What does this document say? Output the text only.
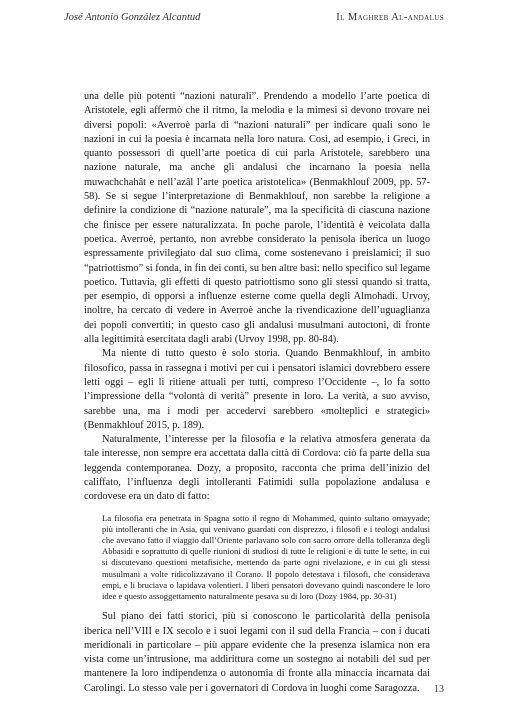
José Antonio González Alcantud	Il Maghreb Al-andalus

una delle più potenti “nazioni naturali”. Prendendo a modello l’arte poetica di Aristotele, egli affermò che il ritmo, la melodia e la mimesi si devono trovare nei diversi popoli: «Averroè parla di “nazioni naturali” per indicare quali sono le nazioni in cui la poesia è incarnata nella loro natura. Così, ad esempio, i Greci, in quanto possessori di quell’arte poetica di cui parla Aristotele, sarebbero una nazione naturale, ma anche gli andalusi che incarnano la poesia nella muwachchahât e nell’azâl l’arte poetica aristotelica» (Benmakhlouf 2009, pp. 57-58). Se si segue l’interpretazione di Benmakhlouf, non sarebbe la religione a definire la condizione di “nazione naturale”, ma la specificità di ciascuna nazione che finisce per essere naturalizzata. In poche parole, l’identità è veicolata dalla poetica. Averroè, pertanto, non avrebbe considerato la penisola iberica un luogo espressamente privilegiato dal suo clima, come sostenevano i preislamici; il suo “patriottismo” si fonda, in fin dei conti, su ben altre basi: nello specifico sul legame poetico. Tuttavia, gli effetti di questo patriottismo sono gli stessi quando si tratta, per esempio, di opporsi a influenze esterne come quella degli Almohadi. Urvoy, inoltre, ha cercato di vedere in Averroè anche la rivendicazione dell’uguaglianza dei popoli convertiti; in questo caso gli andalusi musulmani autoctoni, di fronte alla legittimità esercitata dagli arabi (Urvoy 1998, pp. 80-84).

Ma niente di tutto questo è solo storia. Quando Benmakhlouf, in ambito filosofico, passa in rassegna i motivi per cui i pensatori islamici dovrebbero essere letti oggi – egli li ritiene attuali per tutti, compreso l’Occidente –, lo fa sotto l’impressione della “volontà di verità” presente in loro. La verità, a suo avviso, sarebbe una, ma i modi per accedervi sarebbero «molteplici e strategici» (Benmakhlouf 2015, p. 189).

Naturalmente, l’interesse per la filosofia e la relativa atmosfera generata da tale interesse, non sempre era accettata dalla città di Cordova: ciò fa parte della sua leggenda contemporanea. Dozy, a proposito, racconta che prima dell’inizio del califfato, l’influenza degli intolleranti Fatimidi sulla popolazione andalusa e cordovese era un dato di fatto:

La filosofia era penetrata in Spagna sotto il regno di Mohammed, quinto sultano omayyade; più intolleranti che in Asia, qui venivano guardati con disprezzo, i filosofi e i teologi andalusi che avevano fatto il viaggio dall’Oriente parlavano solo con sacro orrore della tolleranza degli Abbasidi e soprattutto di quelle riunioni di studiosi di tutte le religioni e di tutte le sette, in cui si discutevano questioni metafisiche, mettendo da parte ogni rivelazione, e in cui gli stessi musulmani a volte ridicolizzavano il Corano. Il popolo detestava i filosofi, che considerava empi, e li bruciava o lapidava volentieri. I liberi pensatori dovevano quindi nascondere le loro idee e questo assoggettamento naturalmente pesava su di loro (Dozy 1984, pp. 30-31)

Sul piano dei fatti storici, più si conoscono le particolarità della penisola iberica nell’VIII e IX secolo e i suoi legami con il sud della Francia – con i ducati meridionali in particolare – più appare evidente che la presenza islamica non era vista come un’intrusione, ma addirittura come un sostegno ai notabili del sud per mantenere la loro indipendenza o autonomia di fronte alla minaccia incarnata dai Carolingi. Lo stesso vale per i governatori di Cordova in luoghi come Saragozza.	13
